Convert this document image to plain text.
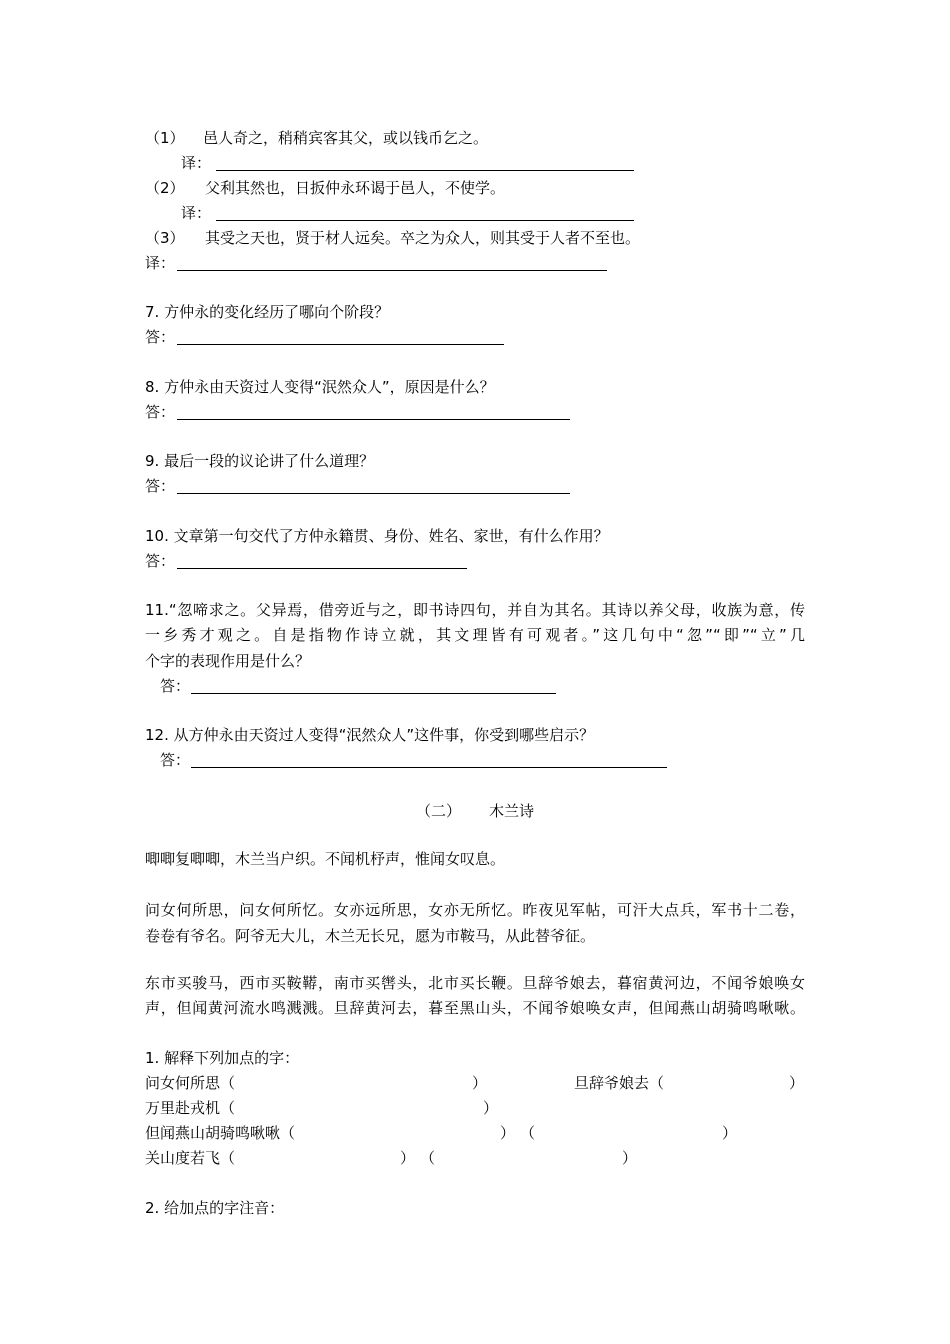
（1） 邑人奇之，稍稍宾客其父，或以钱币乞之。
译：
（2） 父利其然也，日扳仲永环谒于邑人，不使学。
译：
（3） 其受之天也，贤于材人远矣。卒之为众人，则其受于人者不至也。
译：
7. 方仲永的变化经历了哪向个阶段？
答：
8. 方仲永由天资过人变得“泯然众人”，原因是什么？
答：
9. 最后一段的议论讲了什么道理？
答：
10. 文章第一句交代了方仲永籍贯、身份、姓名、家世，有什么作用？
答：
11.“忽啼求之。父异焉，借旁近与之，即书诗四句，并自为其名。其诗以养父母，收族为意，传
一乡秀才观之。自是指物作诗立就，其文理皆有可观者。”这几句中“忽”“即”“立”几
个字的表现作用是什么？
答：
12. 从方仲永由天资过人变得“泯然众人”这件事，你受到哪些启示？
答：
（二） 木兰诗
唧唧复唧唧，木兰当户织。不闻机杼声，惟闻女叹息。
问女何所思，问女何所忆。女亦远所思，女亦无所忆。昨夜见军帖，可汗大点兵，军书十二卷，
卷卷有爷名。阿爷无大儿，木兰无长兄，愿为市鞍马，从此替爷征。
东市买骏马，西市买鞍鞯，南市买辔头，北市买长鞭。旦辞爷娘去，暮宿黄河边，不闻爷娘唤女
声，但闻黄河流水鸣溅溅。旦辞黄河去，暮至黑山头，不闻爷娘唤女声，但闻燕山胡骑鸣啾啾。
1. 解释下列加点的字：
问女何所思（	）	旦辞爷娘去（	）
万里赴戎机（	）
但闻燕山胡骑鸣啾啾（	） （	）
关山度若飞（	） （	）
2. 给加点的字注音：
